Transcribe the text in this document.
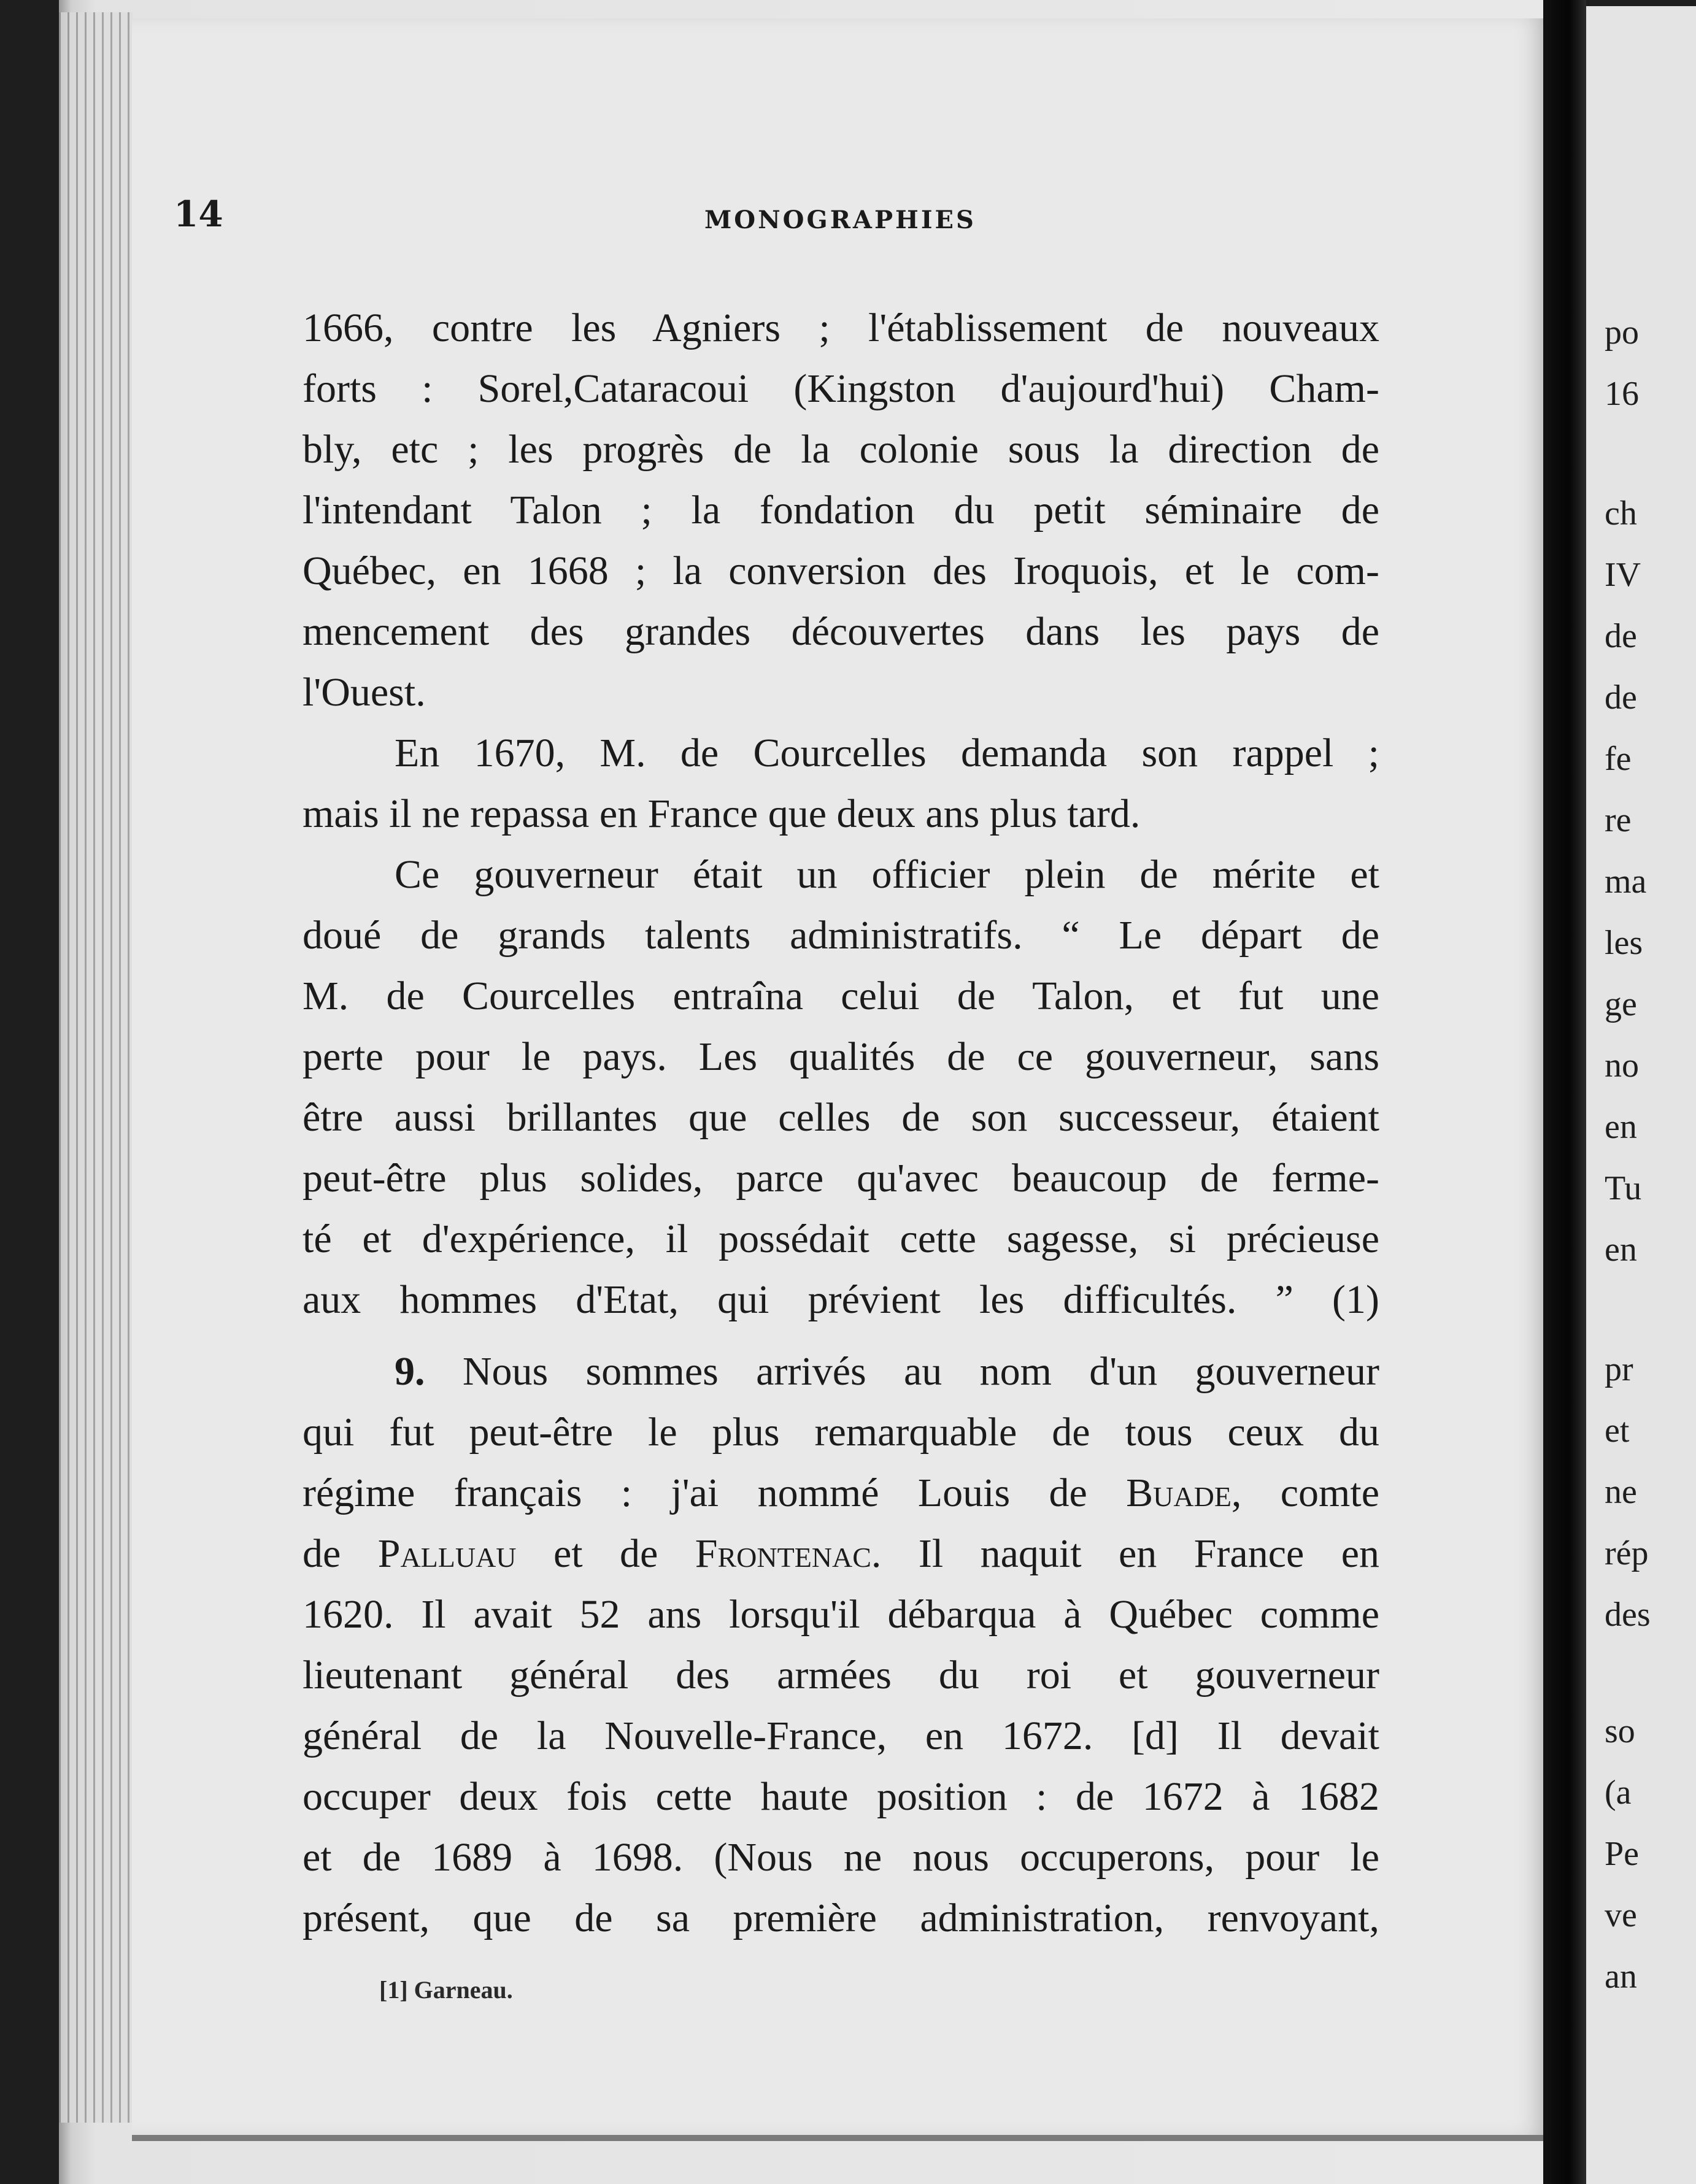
14	MONOGRAPHIES

1666, contre les Agniers ; l'établissement de nouveaux

forts : Sorel,Cataracoui (Kingston d'aujourd'hui) Cham-

bly, etc ; les progrès de la colonie sous la direction de

l'intendant Talon ; la fondation du petit séminaire de

Québec, en 1668 ; la conversion des Iroquois, et le com-

mencement des grandes découvertes dans les pays de

l'Ouest.

En 1670, M. de Courcelles demanda son rappel ;

mais il ne repassa en France que deux ans plus tard.

Ce gouverneur était un officier plein de mérite et

doué de grands talents administratifs. “ Le départ de

M. de Courcelles entraîna celui de Talon, et fut une

perte pour le pays. Les qualités de ce gouverneur, sans

être aussi brillantes que celles de son successeur, étaient

peut-être plus solides, parce qu'avec beaucoup de ferme-

té et d'expérience, il possédait cette sagesse, si précieuse

aux hommes d'Etat, qui prévient les difficultés. ” (1)

9. Nous sommes arrivés au nom d'un gouverneur

qui fut peut-être le plus remarquable de tous ceux du

régime français : j'ai nommé Louis de Buade, comte

de Palluau et de Frontenac. Il naquit en France en

1620. Il avait 52 ans lorsqu'il débarqua à Québec comme

lieutenant général des armées du roi et gouverneur

général de la Nouvelle-France, en 1672. [d] Il devait

occuper deux fois cette haute position : de 1672 à 1682

et de 1689 à 1698. (Nous ne nous occuperons, pour le

présent, que de sa première administration, renvoyant,

[1] Garneau.

po

16

ch

IV

de

de

fe

re

ma

les

ge

no

en

Tu

en

pr

et

ne

rép

des

so

(a

Pe

ve

an
